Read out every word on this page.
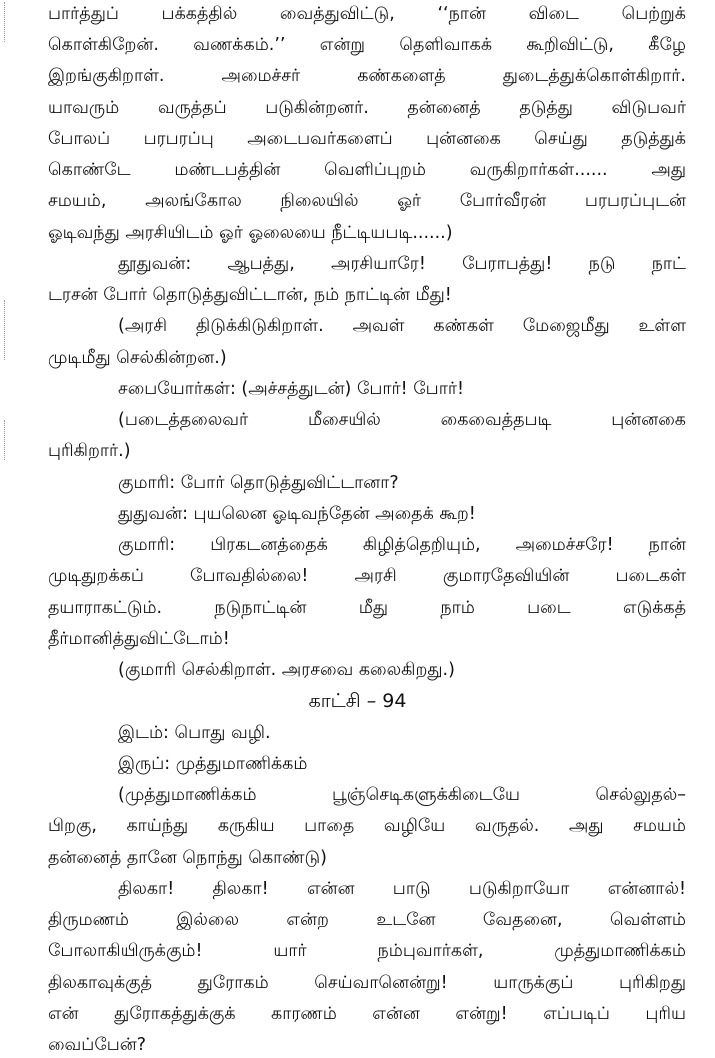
பார்த்துப் பக்கத்தில் வைத்துவிட்டு, ‘‘நான் விடை பெற்றுக்
கொள்கிறேன். வணக்கம்.’’ என்று தெளிவாகக் கூறிவிட்டு, கீழே
இறங்குகிறாள். அமைச்சர் கண்களைத் துடைத்துக்கொள்கிறார்.
யாவரும் வருத்தப் படுகின்றனர். தன்னைத் தடுத்து விடுபவர்
போலப் பரபரப்பு அடைபவர்களைப் புன்னகை செய்து தடுத்துக்
கொண்டே மண்டபத்தின் வெளிப்புறம் வருகிறார்கள்...... அது
சமயம், அலங்கோல நிலையில் ஓர் போர்வீரன் பரபரப்புடன்
ஓடிவந்து அரசியிடம் ஓர் ஓலையை நீட்டியபடி......)
தூதுவன்: ஆபத்து, அரசியாரே! பேராபத்து! நடு நாட்
டரசன் போர் தொடுத்துவிட்டான், நம் நாட்டின் மீது!
(அரசி திடுக்கிடுகிறாள். அவள் கண்கள் மேஜைமீது உள்ள
முடிமீது செல்கின்றன.)
சபையோர்கள்: (அச்சத்துடன்) போர்! போர்!
(படைத்தலைவர் மீசையில் கைவைத்தபடி புன்னகை
புரிகிறார்.)
குமாரி: போர் தொடுத்துவிட்டானா?
துதுவன்: புயலென ஓடிவந்தேன் அதைக் கூற!
குமாரி: பிரகடனத்தைக் கிழித்தெறியும், அமைச்சரே! நான்
முடிதுறக்கப் போவதில்லை! அரசி குமாரதேவியின் படைகள்
தயாராகட்டும். நடுநாட்டின் மீது நாம் படை எடுக்கத்
தீர்மானித்துவிட்டோம்!
(குமாரி செல்கிறாள். அரசவை கலைகிறது.)
காட்சி – 94
இடம்: பொது வழி.
இருப்: முத்துமாணிக்கம்
(முத்துமாணிக்கம் பூஞ்செடிகளுக்கிடையே செல்லுதல்–
பிறகு, காய்ந்து கருகிய பாதை வழியே வருதல். அது சமயம்
தன்னைத் தானே நொந்து கொண்டு)
திலகா! திலகா! என்ன பாடு படுகிறாயோ என்னால்!
திருமணம் இல்லை என்ற உடனே வேதனை, வெள்ளம்
போலாகியிருக்கும்! யார் நம்புவார்கள், முத்துமாணிக்கம்
திலகாவுக்குத் துரோகம் செய்வானென்று! யாருக்குப் புரிகிறது
என் துரோகத்துக்குக் காரணம் என்ன என்று! எப்படிப் புரிய
வைப்பேன்?
